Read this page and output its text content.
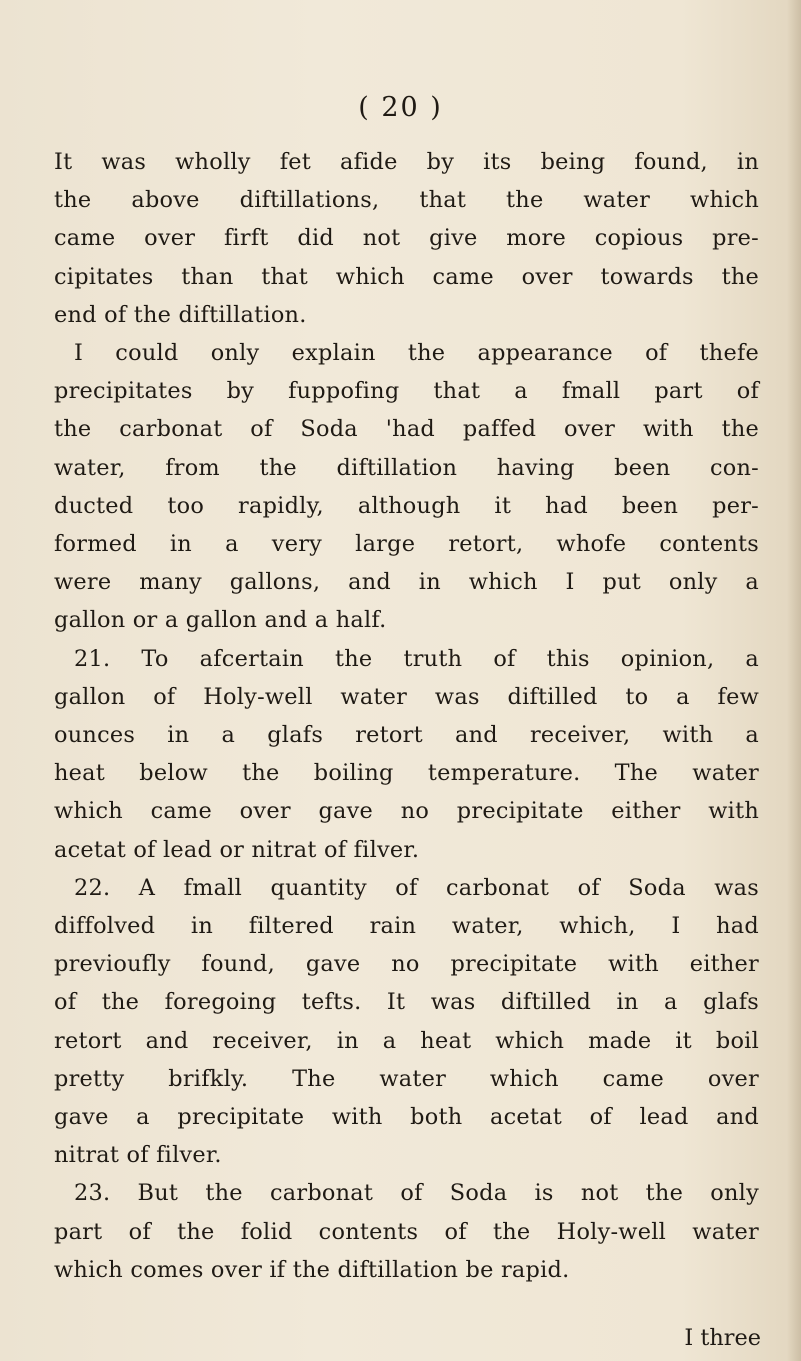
( 20 )

It was wholly fet afide by its being found, in

the above diftillations, that the water which

came over firft did not give more copious pre-

cipitates than that which came over towards the

end of the diftillation.

I could only explain the appearance of thefe

precipitates by fuppofing that a fmall part of

the carbonat of Soda 'had paffed over with the

water, from the diftillation having been con-

ducted too rapidly, although it had been per-

formed in a very large retort, whofe contents

were many gallons, and in which I put only a

gallon or a gallon and a half.

21. To afcertain the truth of this opinion, a

gallon of Holy-well water was diftilled to a few

ounces in a glafs retort and receiver, with a

heat below the boiling temperature. The water

which came over gave no precipitate either with

acetat of lead or nitrat of filver.

22. A fmall quantity of carbonat of Soda was

diffolved in filtered rain water, which, I had

previoufly found, gave no precipitate with either

of the foregoing tefts. It was diftilled in a glafs

retort and receiver, in a heat which made it boil

pretty brifkly. The water which came over

gave a precipitate with both acetat of lead and

nitrat of filver.

23. But the carbonat of Soda is not the only

part of the folid contents of the Holy-well water

which comes over if the diftillation be rapid.

I three
